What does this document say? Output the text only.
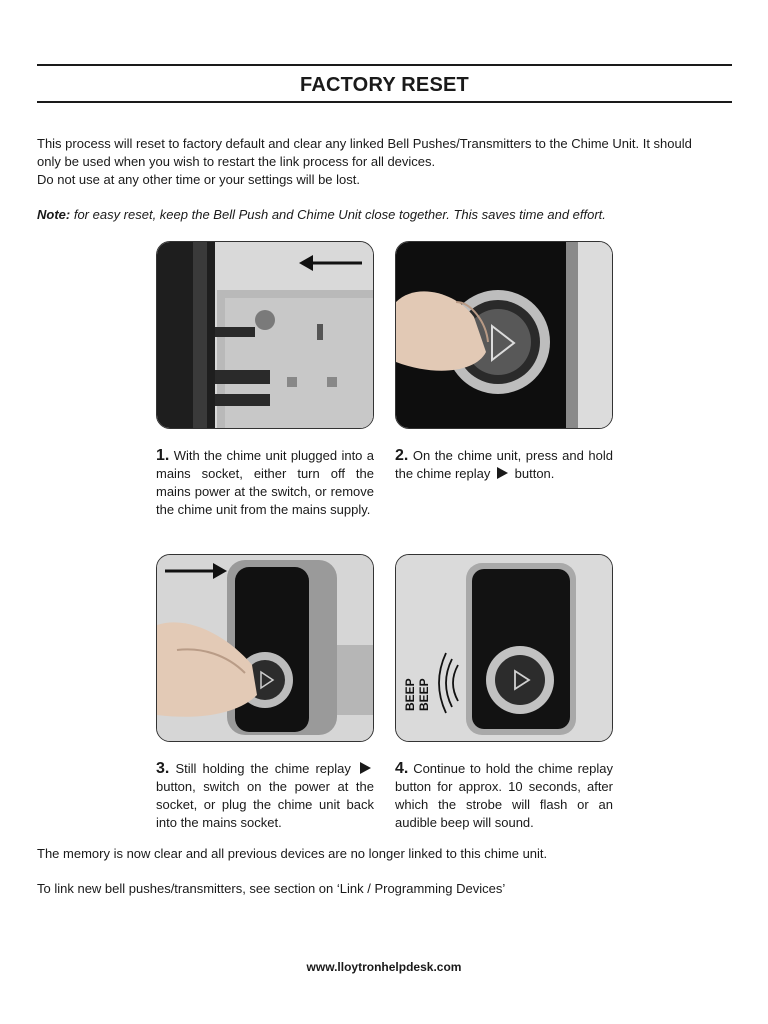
FACTORY RESET

This process will reset to factory default and clear any linked Bell Pushes/Transmitters to the Chime Unit. It should
only be used when you wish to restart the link process for all devices.
Do not use at any other time or your settings will be lost.

Note: for easy reset, keep the Bell Push and Chime Unit close together. This saves time and effort.

1. With the chime unit plugged into a mains socket, either turn off the mains power at the switch, or remove the chime unit from the mains supply.

2. On the chime unit, press and hold the chime replay button.

BEEP BEEP

3. Still holding the chime replay  button, switch on the power at the socket, or plug the chime unit back into the mains socket.

4. Continue to hold the chime replay button for approx. 10 seconds, after which the strobe will flash or an audible beep will sound.

The memory is now clear and all previous devices are no longer linked to this chime unit.

To link new bell pushes/transmitters, see section on ‘Link / Programming Devices’

www.lloytronhelpdesk.com
